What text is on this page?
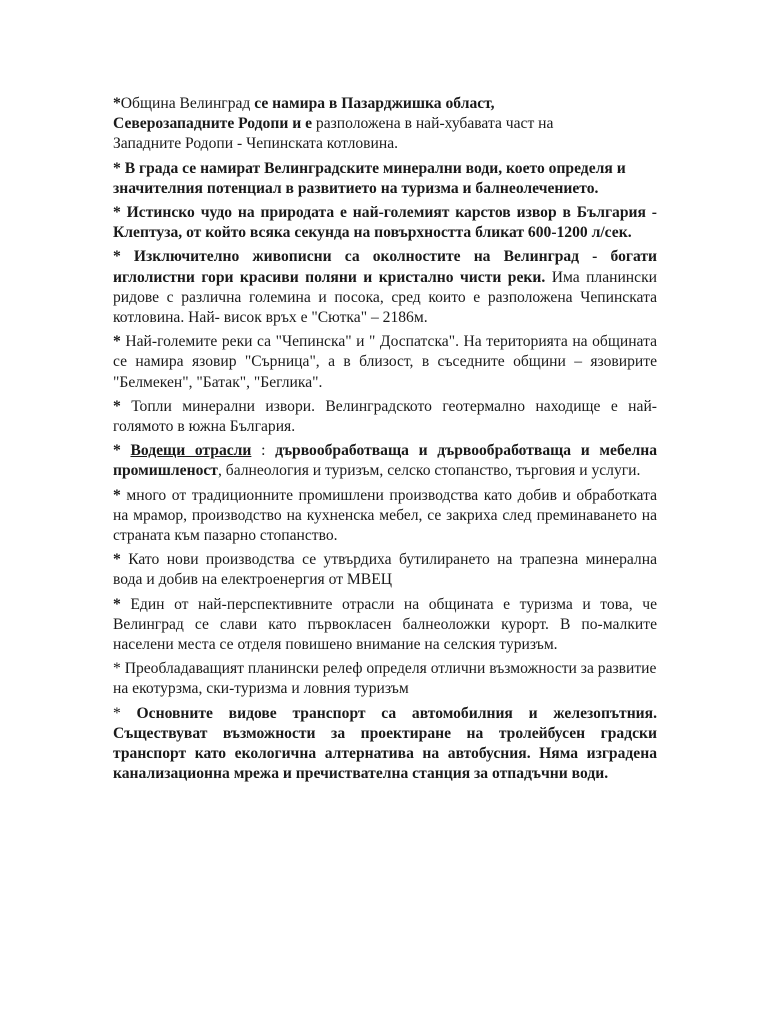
*Община Велинград се намира в Пазарджишка област,
Северозападните Родопи и е разположена в най-хубавата част на
Западните Родопи - Чепинската котловина.

* В града се намират Велинградските минерални води, което определя и значителния потенциал в развитието на туризма и балнеолечението.

* Истинско чудо на природата е най-големият карстов извор в България - Клептуза, от който всяка секунда на повърхността бликат 600-1200 л/сек.

* Изключително живописни са околностите на Велинград - богати иглолистни гори красиви поляни и кристално чисти реки. Има планински ридове с различна големина и посока, сред които е разположена Чепинската котловина. Най- висок връх е "Сютка" – 2186м.

* Най-големите реки са "Чепинска" и " Доспатска". На територията на общината се намира язовир "Сърница", а в близост, в съседните общини – язовирите "Белмекен", "Батак", "Беглика".

* Топли минерални извори. Велинградското геотермално находище е най-голямото в южна България.

* Водещи отрасли : дървообработваща и дървообработваща и мебелна промишленост, балнеология и туризъм, селско стопанство, търговия и услуги.

* много от традиционните промишлени производства като добив и обработката на мрамор, производство на кухненска мебел, се закриха след преминаването на страната към пазарно стопанство.

* Като нови производства се утвърдиха бутилирането на трапезна минерална вода и добив на електроенергия от МВЕЦ

* Един от най-перспективните отрасли на общината е туризма и това, че Велинград се слави като първокласен балнеоложки курорт. В по-малките населени места се отделя повишено внимание на селския туризъм.

* Преобладаващият планински релеф определя отлични възможности за развитие на екотурзма, ски-туризма и ловния туризъм

* Основните видове транспорт са автомобилния и железопътния. Съществуват възможности за проектиране на тролейбусен градски транспорт като екологична алтернатива на автобусния. Няма изградена канализационна мрежа и пречиствателна станция за отпадъчни води.
